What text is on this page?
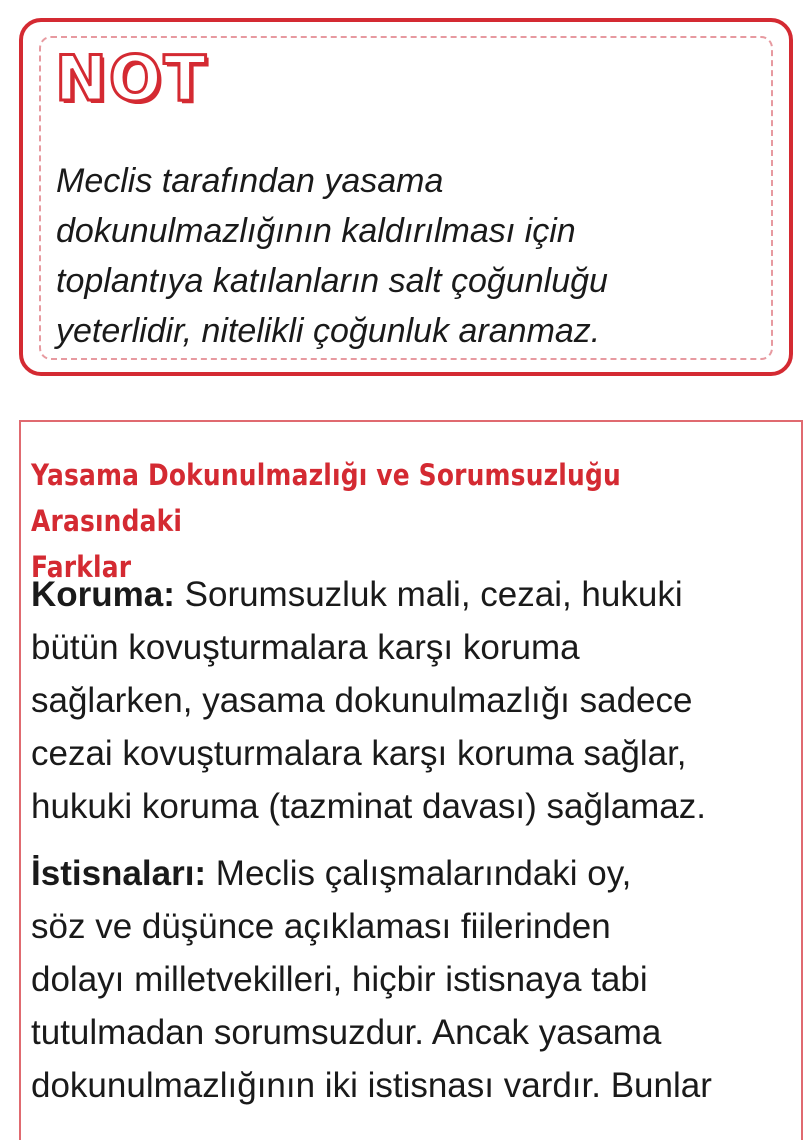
NOT
Meclis tarafından yasama
dokunulmazlığının kaldırılması için
toplantıya katılanların salt çoğunluğu
yeterlidir, nitelikli çoğunluk aranmaz.
Yasama Dokunulmazlığı ve Sorumsuzluğu Arasındaki
Farklar
Koruma: Sorumsuzluk mali, cezai, hukuki
bütün kovuşturmalara karşı koruma
sağlarken, yasama dokunulmazlığı sadece
cezai kovuşturmalara karşı koruma sağlar,
hukuki koruma (tazminat davası) sağlamaz.
İstisnaları: Meclis çalışmalarındaki oy,
söz ve düşünce açıklaması fiilerinden
dolayı milletvekilleri, hiçbir istisnaya tabi
tutulmadan sorumsuzdur. Ancak yasama
dokunulmazlığının iki istisnası vardır. Bunlar
